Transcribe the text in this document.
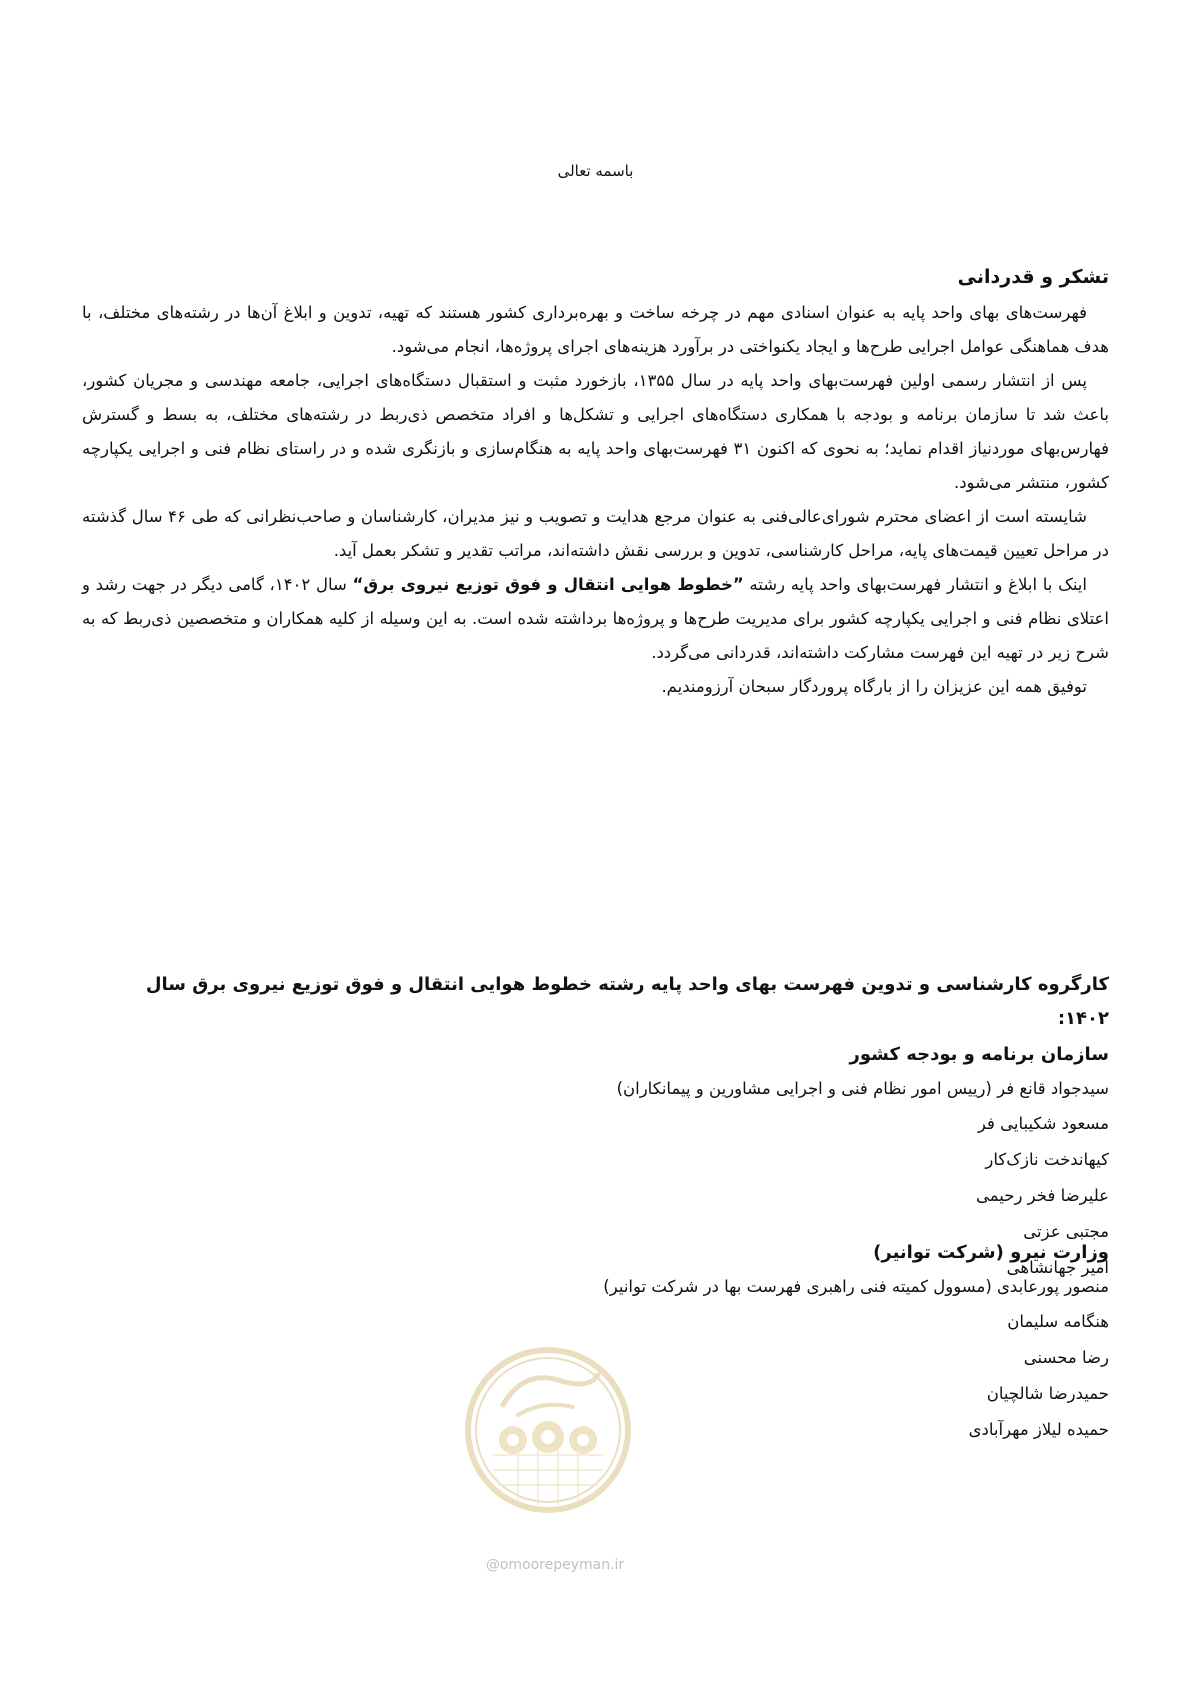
باسمه تعالی

تشکر و قدردانی

فهرست‌های بهای واحد پایه به عنوان اسنادی مهم در چرخه ساخت و بهره‌برداری کشور هستند که تهیه، تدوین و ابلاغ آن‌ها در رشته‌های مختلف، با هدف هماهنگی عوامل اجرایی طرح‌ها و ایجاد یکنواختی در برآورد هزینه‌های اجرای پروژه‌ها، انجام می‌شود.

پس از انتشار رسمی اولین فهرست‌بهای واحد پایه در سال ۱۳۵۵، بازخورد مثبت و استقبال دستگاه‌های اجرایی، جامعه مهندسی و مجریان کشور، باعث شد تا سازمان برنامه و بودجه با همکاری دستگاه‌های اجرایی و تشکل‌ها و افراد متخصص ذی‌ربط در رشته‌های مختلف، به بسط و گسترش فهارس‌بهای موردنیاز اقدام نماید؛ به نحوی که اکنون ۳۱ فهرست‌بهای واحد پایه به هنگام‌سازی و بازنگری شده و در راستای نظام فنی و اجرایی یکپارچه کشور، منتشر می‌شود.

شایسته است از اعضای محترم شورای‌عالی‌فنی به عنوان مرجع هدایت و تصویب و نیز مدیران، کارشناسان و صاحب‌نظرانی که طی ۴۶ سال گذشته در مراحل تعیین قیمت‌های پایه، مراحل کارشناسی، تدوین و بررسی نقش داشته‌اند، مراتب تقدیر و تشکر بعمل آید.

اینک با ابلاغ و انتشار فهرست‌بهای واحد پایه رشته ”خطوط هوایی انتقال و فوق توزیع نیروی برق“ سال ۱۴۰۲، گامی دیگر در جهت رشد و اعتلای نظام فنی و اجرایی یکپارچه کشور برای مدیریت طرح‌ها و پروژه‌ها برداشته شده است. به این وسیله از کلیه همکاران و متخصصین ذی‌ربط که به شرح زیر در تهیه این فهرست مشارکت داشته‌اند، قدردانی می‌گردد.

توفیق همه این عزیزان را از بارگاه پروردگار سبحان آرزومندیم.

کارگروه کارشناسی و تدوین فهرست بهای واحد پایه رشته خطوط هوایی انتقال و فوق توزیع نیروی برق سال ۱۴۰۲:

سازمان برنامه و بودجه کشور

سیدجواد قانع فر (رییس امور نظام فنی و اجرایی مشاورین و پیمانکاران)

مسعود شکیبایی فر

کیهاندخت نازک‌کار

علیرضا فخر رحیمی

مجتبی عزتی

امیر جهانشاهی

وزارت نیرو (شرکت توانیر)

منصور پورعابدی (مسوول کمیته فنی راهبری فهرست بها در شرکت توانیر)

هنگامه سلیمان

رضا محسنی

حمیدرضا شالچیان

حمیده لیلاز مهرآبادی

@omoorepeyman.ir
